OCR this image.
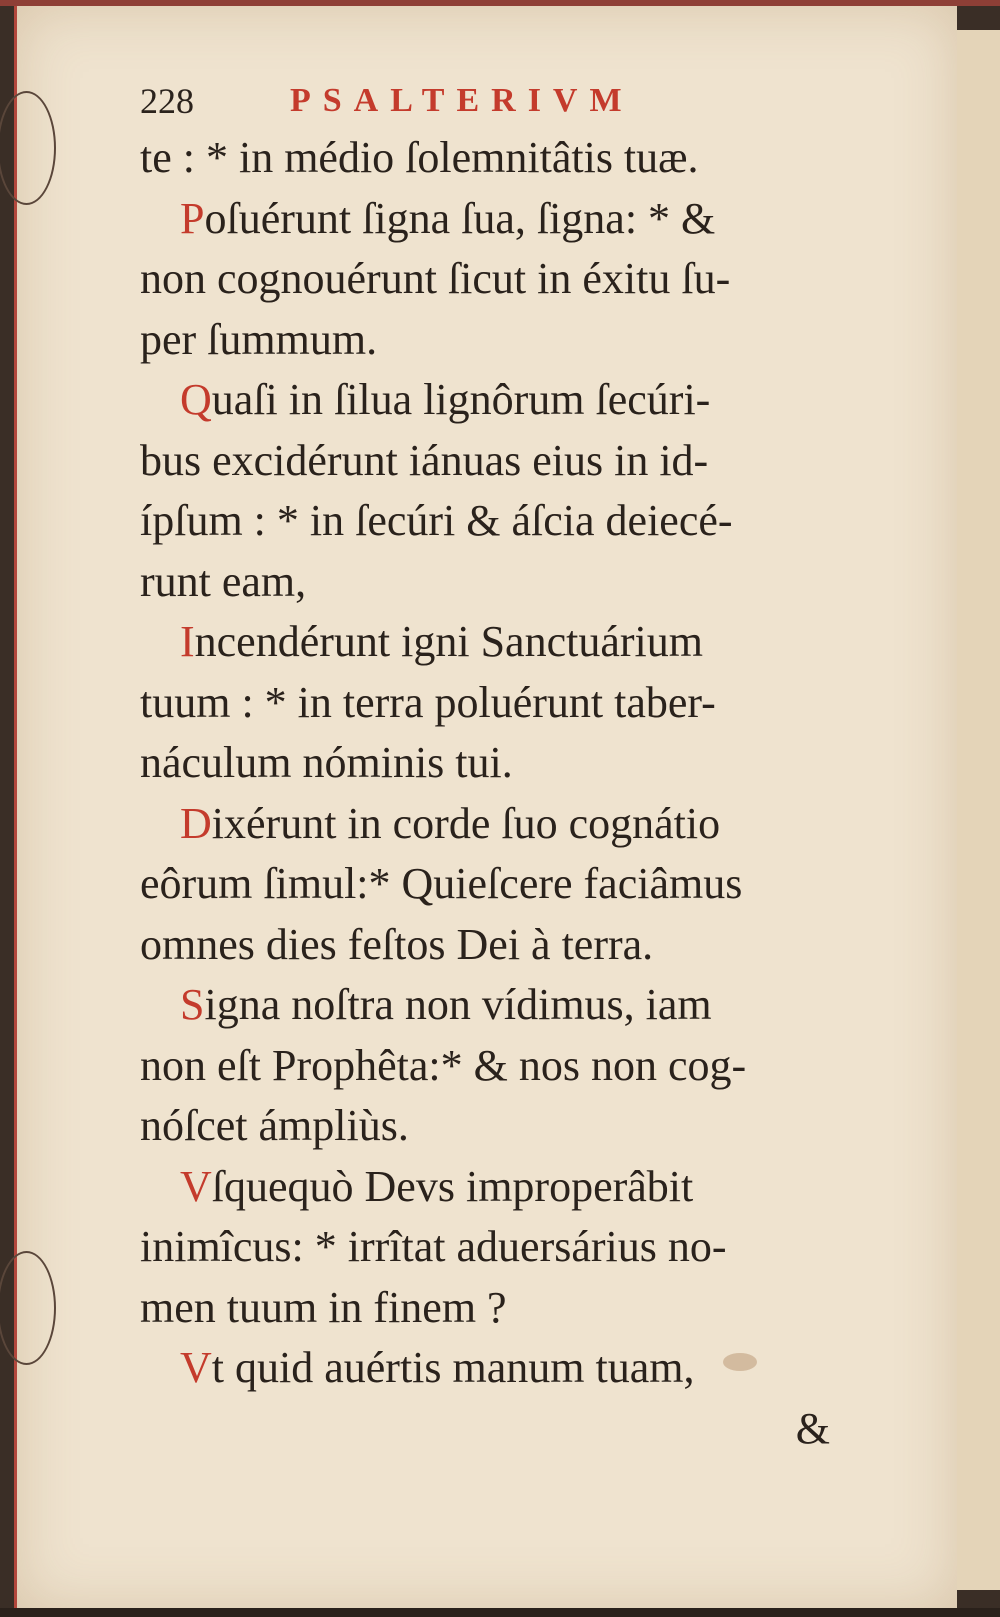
228	PSALTERIVM
te : * in médio ſolemnitâtis tuæ.
Poſuérunt ſigna ſua, ſigna: * &
non cognouérunt ſicut in éxitu ſu-
per ſummum.
Quaſi in ſilua lignôrum ſecúri-
bus excidérunt iánuas eius in id-
ípſum : * in ſecúri & áſcia deiecé-
runt eam,
Incendérunt igni Sanctuárium
tuum : * in terra poluérunt taber-
náculum nóminis tui.
Dixérunt in corde ſuo cognátio
eôrum ſimul:* Quieſcere faciâmus
omnes dies feſtos Dei à terra.
Signa noſtra non vídimus, iam
non eſt Prophêta:* & nos non cog-
nóſcet ámpliùs.
Vſquequò Devs improperâbit
inimîcus: * irrîtat aduersárius no-
men tuum in finem ?
Vt quid auértis manum tuam,
&
